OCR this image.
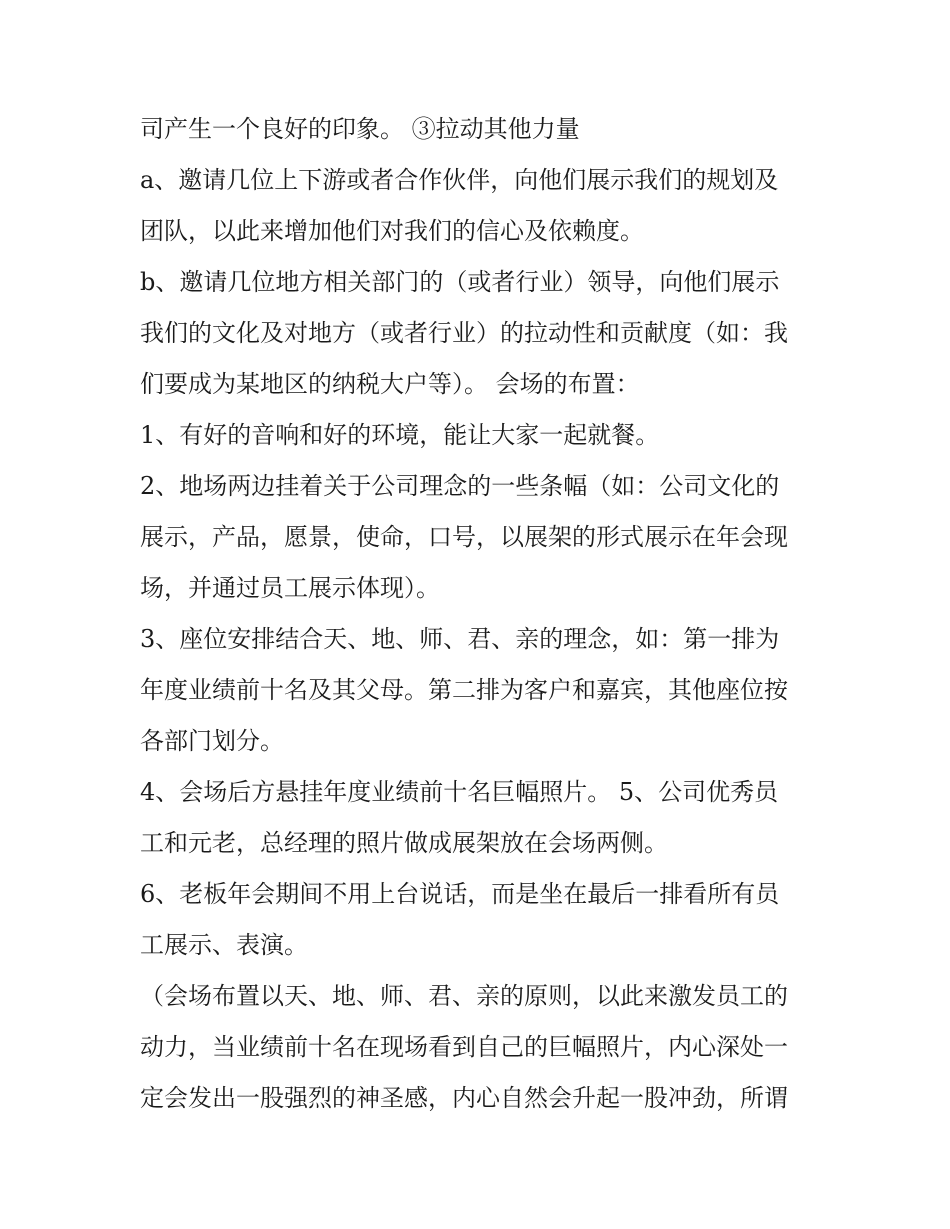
司产生一个良好的印象。 ③拉动其他力量
a、邀请几位上下游或者合作伙伴，向他们展示我们的规划及
团队，以此来增加他们对我们的信心及依赖度。
b、邀请几位地方相关部门的（或者行业）领导，向他们展示
我们的文化及对地方（或者行业）的拉动性和贡献度（如：我
们要成为某地区的纳税大户等）。 会场的布置：
1、有好的音响和好的环境，能让大家一起就餐。
2、地场两边挂着关于公司理念的一些条幅（如：公司文化的
展示，产品，愿景，使命，口号，以展架的形式展示在年会现
场，并通过员工展示体现）。
3、座位安排结合天、地、师、君、亲的理念，如：第一排为
年度业绩前十名及其父母。第二排为客户和嘉宾，其他座位按
各部门划分。
4、会场后方悬挂年度业绩前十名巨幅照片。 5、公司优秀员
工和元老，总经理的照片做成展架放在会场两侧。
6、老板年会期间不用上台说话，而是坐在最后一排看所有员
工展示、表演。
（会场布置以天、地、师、君、亲的原则，以此来激发员工的
动力，当业绩前十名在现场看到自己的巨幅照片，内心深处一
定会发出一股强烈的神圣感，内心自然会升起一股冲劲，所谓
